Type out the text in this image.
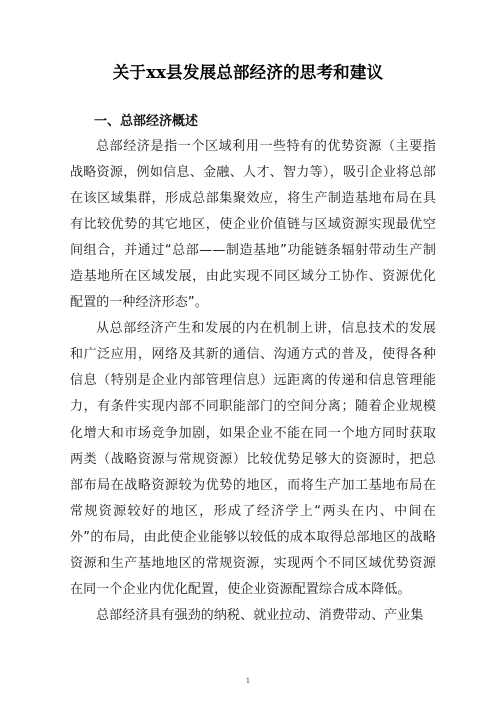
关于xx县发展总部经济的思考和建议
一、总部经济概述

总部经济是指一个区域利用一些特有的优势资源（主要指战略资源，例如信息、金融、人才、智力等），吸引企业将总部在该区域集群，形成总部集聚效应，将生产制造基地布局在具有比较优势的其它地区，使企业价值链与区域资源实现最优空间组合，并通过“总部——制造基地”功能链条辐射带动生产制造基地所在区域发展，由此实现不同区域分工协作、资源优化配置的一种经济形态”。

从总部经济产生和发展的内在机制上讲，信息技术的发展和广泛应用，网络及其新的通信、沟通方式的普及，使得各种信息（特别是企业内部管理信息）远距离的传递和信息管理能力，有条件实现内部不同职能部门的空间分离；随着企业规模化增大和市场竞争加剧，如果企业不能在同一个地方同时获取两类（战略资源与常规资源）比较优势足够大的资源时，把总部布局在战略资源较为优势的地区，而将生产加工基地布局在常规资源较好的地区，形成了经济学上“两头在内、中间在外”的布局，由此使企业能够以较低的成本取得总部地区的战略资源和生产基地地区的常规资源，实现两个不同区域优势资源在同一个企业内优化配置，使企业资源配置综合成本降低。

总部经济具有强劲的纳税、就业拉动、消费带动、产业集

1
